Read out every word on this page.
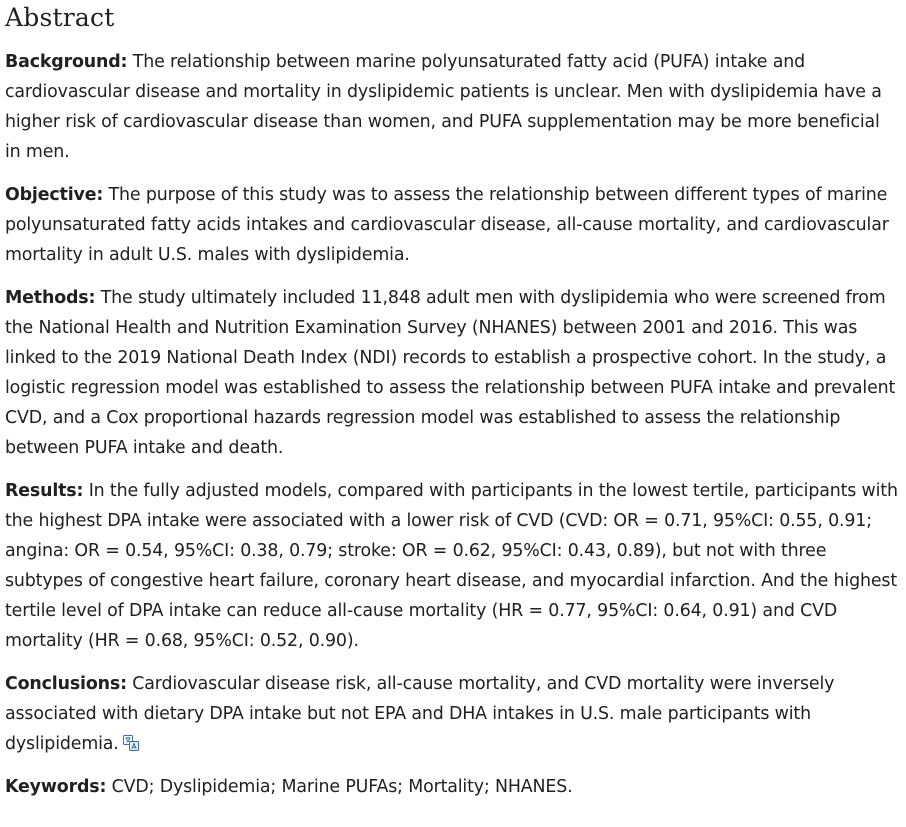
Abstract

Background: The relationship between marine polyunsaturated fatty acid (PUFA) intake and cardiovascular disease and mortality in dyslipidemic patients is unclear. Men with dyslipidemia have a higher risk of cardiovascular disease than women, and PUFA supplementation may be more beneficial in men.

Objective: The purpose of this study was to assess the relationship between different types of marine polyunsaturated fatty acids intakes and cardiovascular disease, all-cause mortality, and cardiovascular mortality in adult U.S. males with dyslipidemia.

Methods: The study ultimately included 11,848 adult men with dyslipidemia who were screened from the National Health and Nutrition Examination Survey (NHANES) between 2001 and 2016. This was linked to the 2019 National Death Index (NDI) records to establish a prospective cohort. In the study, a logistic regression model was established to assess the relationship between PUFA intake and prevalent CVD, and a Cox proportional hazards regression model was established to assess the relationship between PUFA intake and death.

Results: In the fully adjusted models, compared with participants in the lowest tertile, participants with the highest DPA intake were associated with a lower risk of CVD (CVD: OR = 0.71, 95%CI: 0.55, 0.91; angina: OR = 0.54, 95%CI: 0.38, 0.79; stroke: OR = 0.62, 95%CI: 0.43, 0.89), but not with three subtypes of congestive heart failure, coronary heart disease, and myocardial infarction. And the highest tertile level of DPA intake can reduce all-cause mortality (HR = 0.77, 95%CI: 0.64, 0.91) and CVD mortality (HR = 0.68, 95%CI: 0.52, 0.90).

Conclusions: Cardiovascular disease risk, all-cause mortality, and CVD mortality were inversely associated with dietary DPA intake but not EPA and DHA intakes in U.S. male participants with dyslipidemia.

Keywords: CVD; Dyslipidemia; Marine PUFAs; Mortality; NHANES.
